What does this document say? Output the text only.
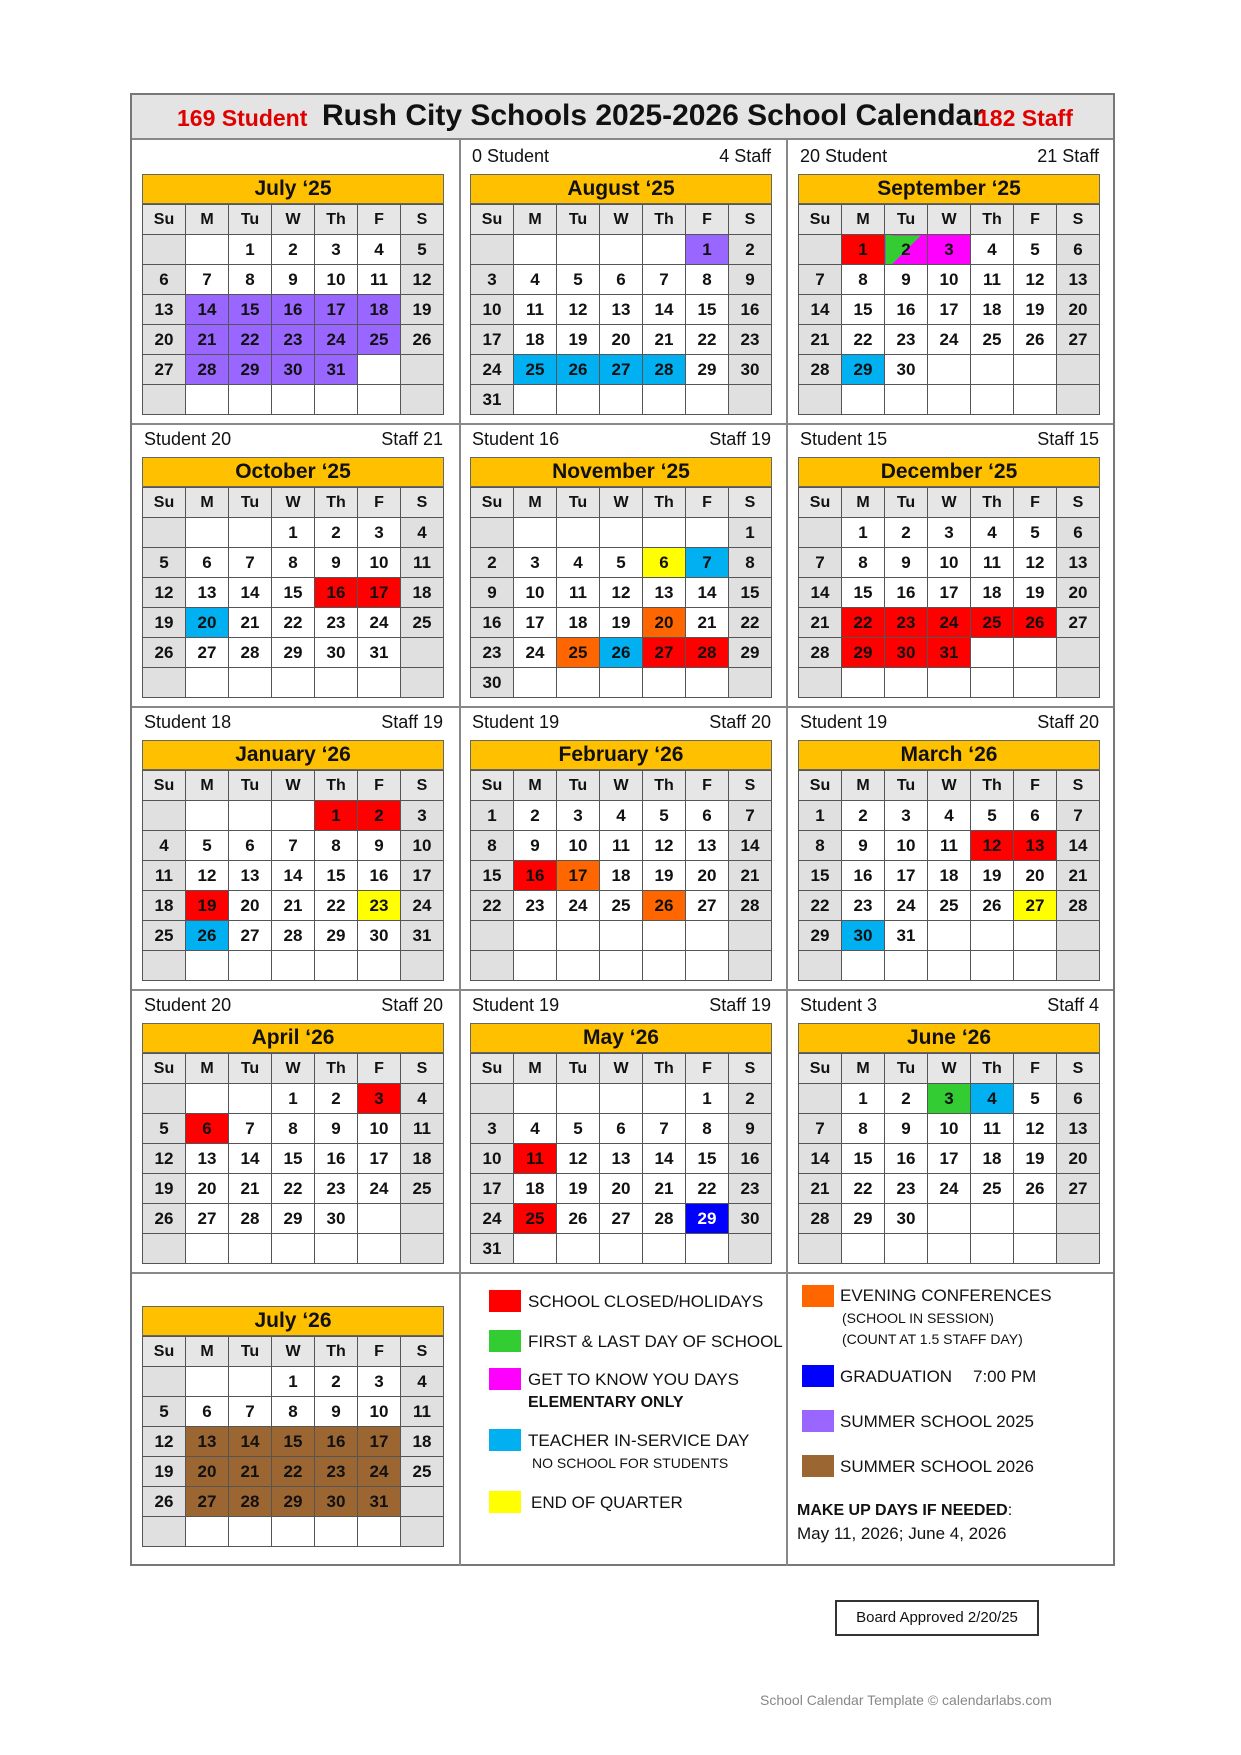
169 Student Rush City Schools 2025-2026 School Calendar
182 Staff
July ‘25
Su	M	Tu	W	Th	F	S
		1	2	3	4	5
6	7	8	9	10	11	12
13	14	15	16	17	18	19
20	21	22	23	24	25	26
27	28	29	30	31		

0 Student	4 Staff
August ‘25
Su	M	Tu	W	Th	F	S
					1	2
3	4	5	6	7	8	9
10	11	12	13	14	15	16
17	18	19	20	21	22	23
24	25	26	27	28	29	30
31						
20 Student	21 Staff
September ‘25
Su	M	Tu	W	Th	F	S
	1	2	3	4	5	6
7	8	9	10	11	12	13
14	15	16	17	18	19	20
21	22	23	24	25	26	27
28	29	30				

Student 20	Staff 21
October ‘25
Su	M	Tu	W	Th	F	S
			1	2	3	4
5	6	7	8	9	10	11
12	13	14	15	16	17	18
19	20	21	22	23	24	25
26	27	28	29	30	31	

Student 16	Staff 19
November ‘25
Su	M	Tu	W	Th	F	S
						1
2	3	4	5	6	7	8
9	10	11	12	13	14	15
16	17	18	19	20	21	22
23	24	25	26	27	28	29
30						
Student 15	Staff 15
December ‘25
Su	M	Tu	W	Th	F	S
	1	2	3	4	5	6
7	8	9	10	11	12	13
14	15	16	17	18	19	20
21	22	23	24	25	26	27
28	29	30	31			

Student 18	Staff 19
January ‘26
Su	M	Tu	W	Th	F	S
				1	2	3
4	5	6	7	8	9	10
11	12	13	14	15	16	17
18	19	20	21	22	23	24
25	26	27	28	29	30	31

Student 19	Staff 20
February ‘26
Su	M	Tu	W	Th	F	S
1	2	3	4	5	6	7
8	9	10	11	12	13	14
15	16	17	18	19	20	21
22	23	24	25	26	27	28

Student 19	Staff 20
March ‘26
Su	M	Tu	W	Th	F	S
1	2	3	4	5	6	7
8	9	10	11	12	13	14
15	16	17	18	19	20	21
22	23	24	25	26	27	28
29	30	31				

Student 20	Staff 20
April ‘26
Su	M	Tu	W	Th	F	S
			1	2	3	4
5	6	7	8	9	10	11
12	13	14	15	16	17	18
19	20	21	22	23	24	25
26	27	28	29	30		

Student 19	Staff 19
May ‘26
Su	M	Tu	W	Th	F	S
					1	2
3	4	5	6	7	8	9
10	11	12	13	14	15	16
17	18	19	20	21	22	23
24	25	26	27	28	29	30
31						
Student 3	Staff 4
June ‘26
Su	M	Tu	W	Th	F	S
	1	2	3	4	5	6
7	8	9	10	11	12	13
14	15	16	17	18	19	20
21	22	23	24	25	26	27
28	29	30				

July ‘26
Su	M	Tu	W	Th	F	S
			1	2	3	4
5	6	7	8	9	10	11
12	13	14	15	16	17	18
19	20	21	22	23	24	25
26	27	28	29	30	31	

SCHOOL CLOSED/HOLIDAYS
FIRST & LAST DAY OF SCHOOL
GET TO KNOW YOU DAYS
ELEMENTARY ONLY
TEACHER IN-SERVICE DAY
NO SCHOOL FOR STUDENTS
END OF QUARTER
EVENING CONFERENCES
(SCHOOL IN SESSION)
(COUNT AT 1.5 STAFF DAY)
GRADUATION 7:00 PM
SUMMER SCHOOL 2025
SUMMER SCHOOL 2026
MAKE UP DAYS IF NEEDED:
May 11, 2026; June 4, 2026
Board Approved 2/20/25
School Calendar Template © calendarlabs.com
